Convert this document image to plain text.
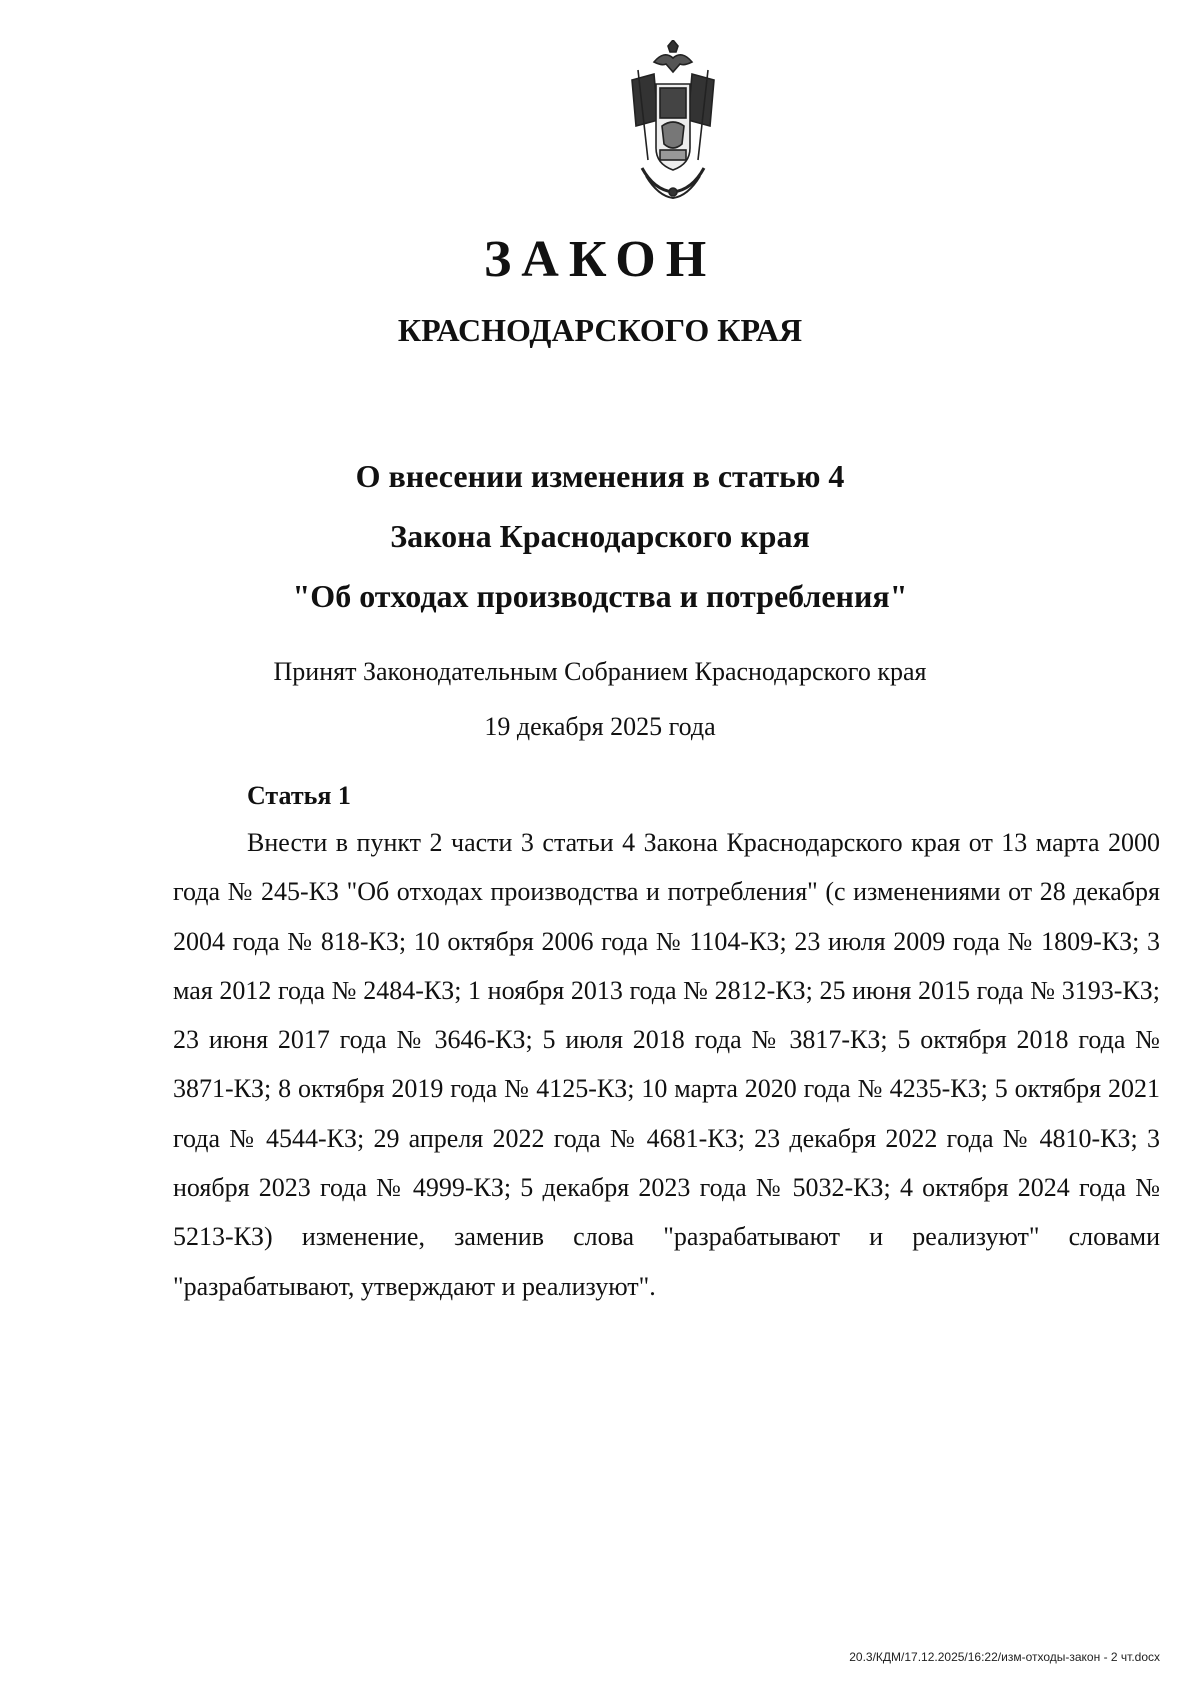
ЗАКОН
КРАСНОДАРСКОГО КРАЯ
О внесении изменения в статью 4
Закона Краснодарского края
"Об отходах производства и потребления"
Принят Законодательным Собранием Краснодарского края
19 декабря 2025 года
Статья 1

Внести в пункт 2 части 3 статьи 4 Закона Краснодарского края от 13 марта 2000 года № 245-КЗ "Об отходах производства и потребления" (с изменениями от 28 декабря 2004 года № 818-КЗ; 10 октября 2006 года № 1104-КЗ; 23 июля 2009 года № 1809-КЗ; 3 мая 2012 года № 2484-КЗ; 1 ноября 2013 года № 2812-КЗ; 25 июня 2015 года № 3193-КЗ; 23 июня 2017 года № 3646-КЗ; 5 июля 2018 года № 3817-КЗ; 5 октября 2018 года № 3871-КЗ; 8 октября 2019 года № 4125-КЗ; 10 марта 2020 года № 4235-КЗ; 5 октября 2021 года № 4544-КЗ; 29 апреля 2022 года № 4681-КЗ; 23 декабря 2022 года № 4810-КЗ; 3 ноября 2023 года № 4999-КЗ; 5 декабря 2023 года № 5032-КЗ; 4 октября 2024 года № 5213-КЗ) изменение, заменив слова "разрабатывают и реализуют" словами "разрабатывают, утверждают и реализуют".

20.3/КДМ/17.12.2025/16:22/изм-отходы-закон - 2 чт.docx
